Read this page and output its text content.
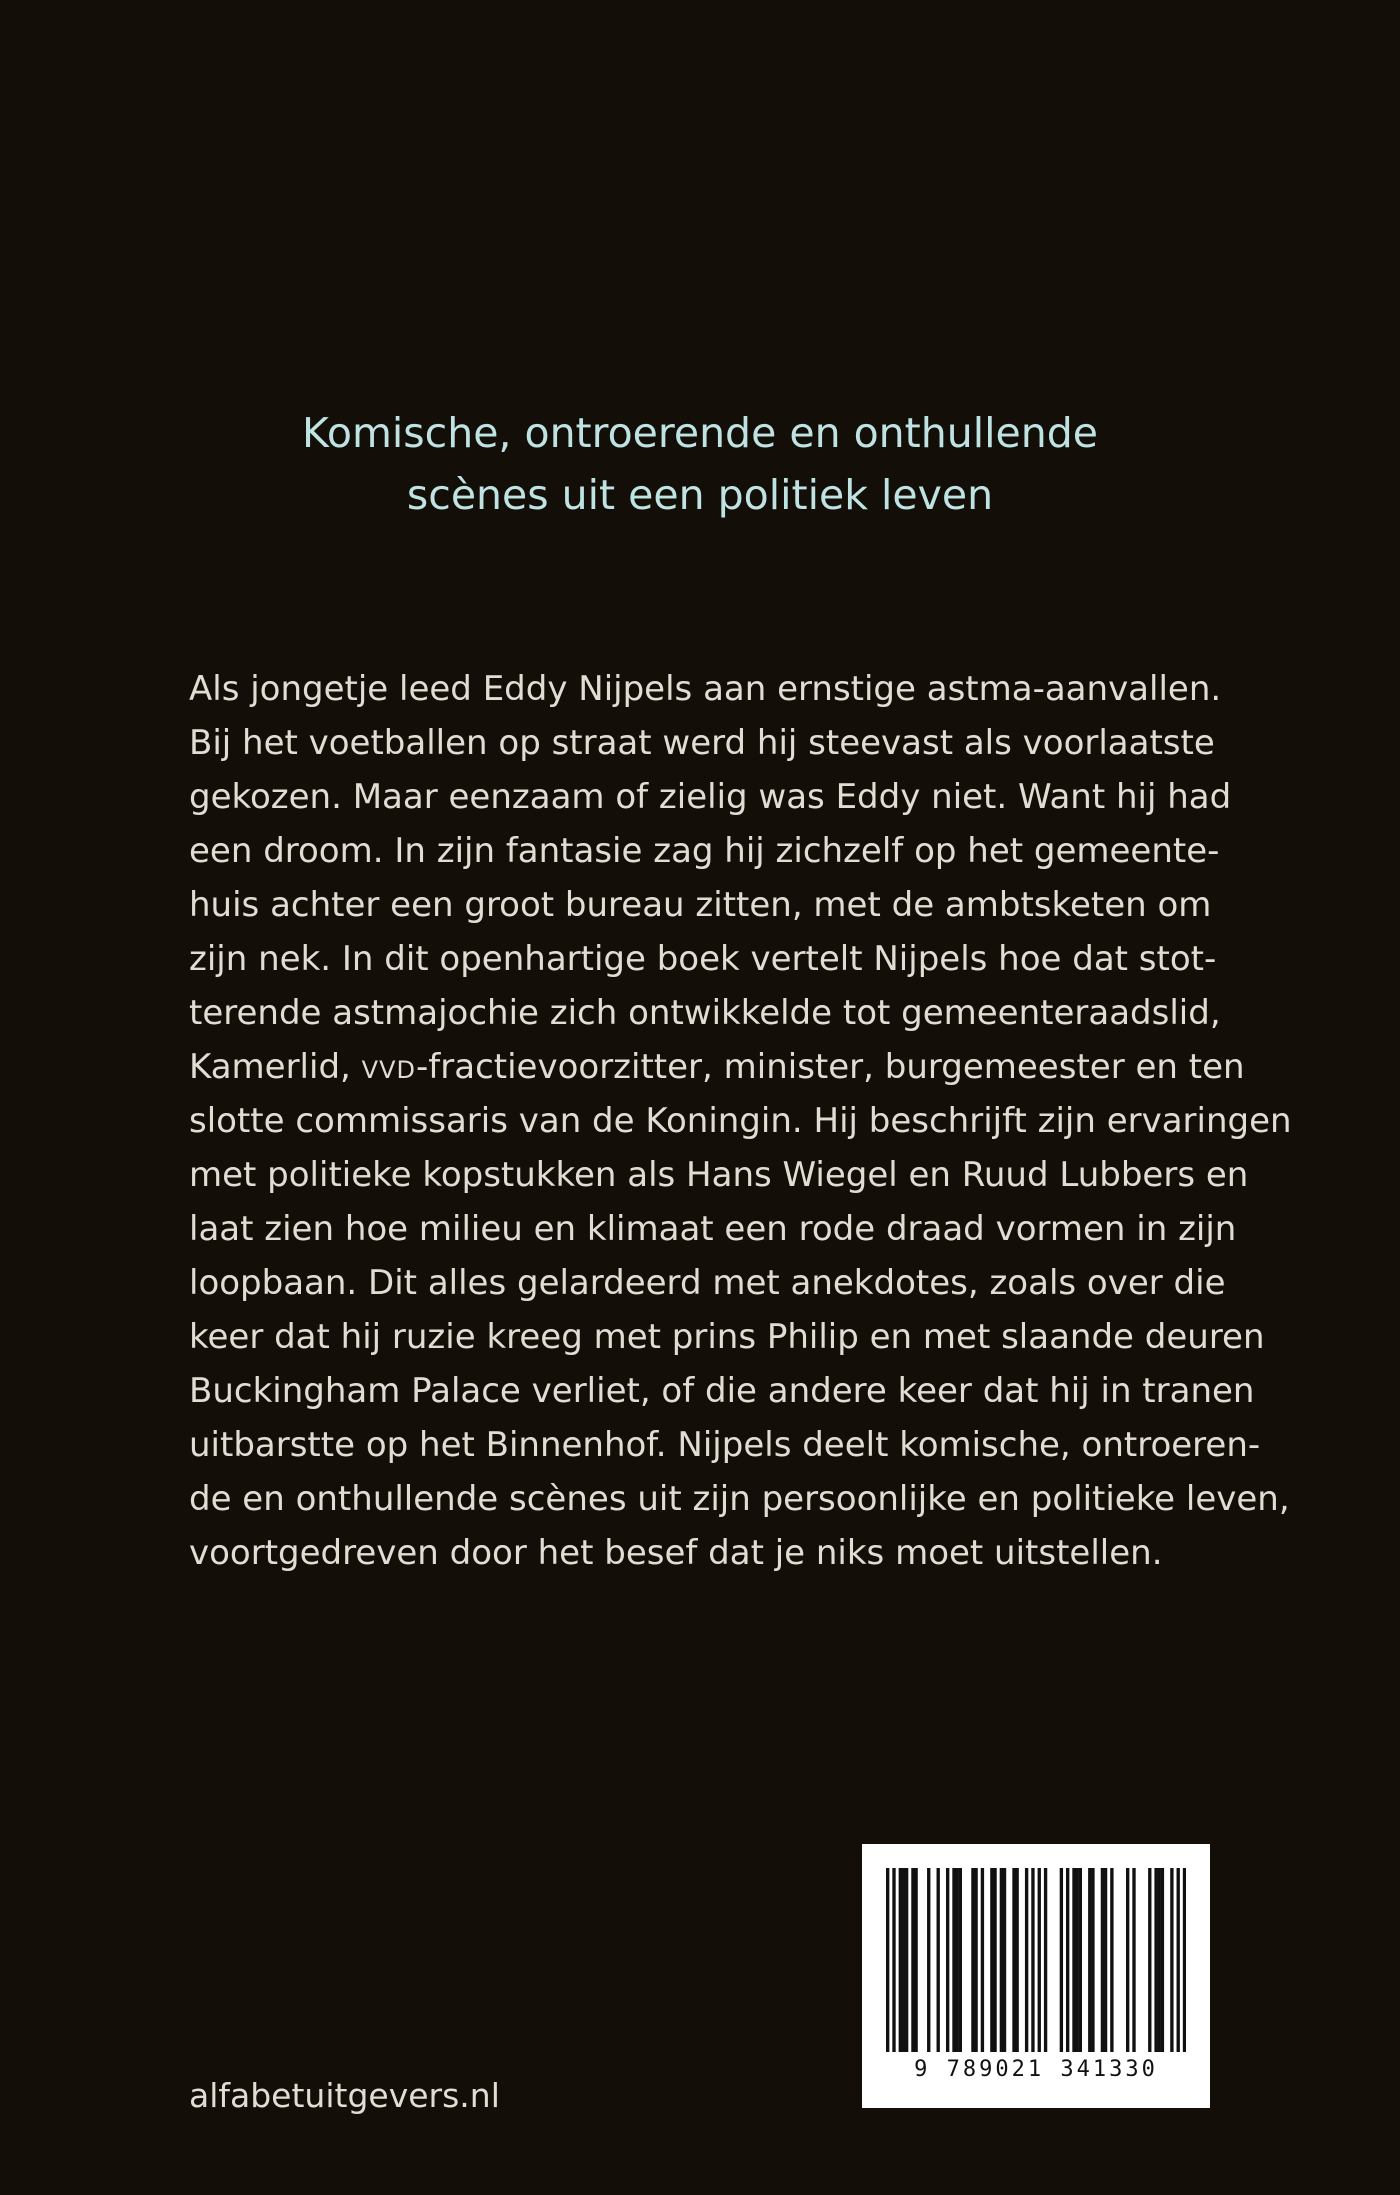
Komische, ontroerende en onthullende
scènes uit een politiek leven
Als jongetje leed Eddy Nijpels aan ernstige astma-aanvallen.
Bij het voetballen op straat werd hij steevast als voorlaatste
gekozen. Maar eenzaam of zielig was Eddy niet. Want hij had
een droom. In zijn fantasie zag hij zichzelf op het gemeente-
huis achter een groot bureau zitten, met de ambtsketen om
zijn nek. In dit openhartige boek vertelt Nijpels hoe dat stot-
terende astmajochie zich ontwikkelde tot gemeenteraadslid,
Kamerlid, vvd-fractievoorzitter, minister, burgemeester en ten
slotte commissaris van de Koningin. Hij beschrijft zijn ervaringen
met politieke kopstukken als Hans Wiegel en Ruud Lubbers en
laat zien hoe milieu en klimaat een rode draad vormen in zijn
loopbaan. Dit alles gelardeerd met anekdotes, zoals over die
keer dat hij ruzie kreeg met prins Philip en met slaande deuren
Buckingham Palace verliet, of die andere keer dat hij in tranen
uitbarstte op het Binnenhof. Nijpels deelt komische, ontroeren-
de en onthullende scènes uit zijn persoonlijke en politieke leven,
voortgedreven door het besef dat je niks moet uitstellen.
alfabetuitgevers.nl
9 789021 341330
